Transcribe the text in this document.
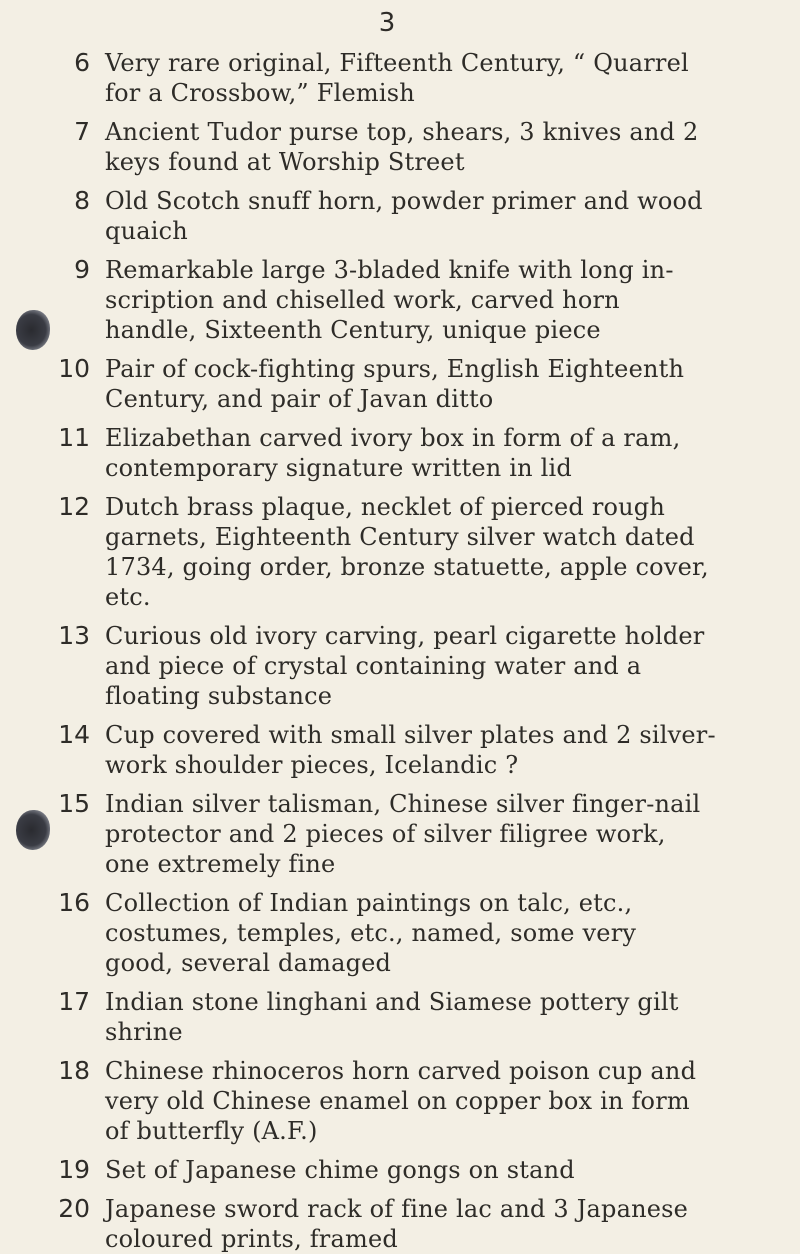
3
6 Very rare original, Fifteenth Century, “ Quarrel
for a Crossbow,” Flemish
7 Ancient Tudor purse top, shears, 3 knives and 2
keys found at Worship Street
8 Old Scotch snuff horn, powder primer and wood
quaich
9 Remarkable large 3-bladed knife with long in-
scription and chiselled work, carved horn
handle, Sixteenth Century, unique piece
10 Pair of cock-fighting spurs, English Eighteenth
Century, and pair of Javan ditto
11 Elizabethan carved ivory box in form of a ram,
contemporary signature written in lid
12 Dutch brass plaque, necklet of pierced rough
garnets, Eighteenth Century silver watch dated
1734, going order, bronze statuette, apple cover,
etc.
13 Curious old ivory carving, pearl cigarette holder
and piece of crystal containing water and a
floating substance
14 Cup covered with small silver plates and 2 silver-
work shoulder pieces, Icelandic ?
15 Indian silver talisman, Chinese silver finger-nail
protector and 2 pieces of silver filigree work,
one extremely fine
16 Collection of Indian paintings on talc, etc.,
costumes, temples, etc., named, some very
good, several damaged
17 Indian stone linghani and Siamese pottery gilt
shrine
18 Chinese rhinoceros horn carved poison cup and
very old Chinese enamel on copper box in form
of butterfly (A.F.)
19 Set of Japanese chime gongs on stand
20 Japanese sword rack of fine lac and 3 Japanese
coloured prints, framed
